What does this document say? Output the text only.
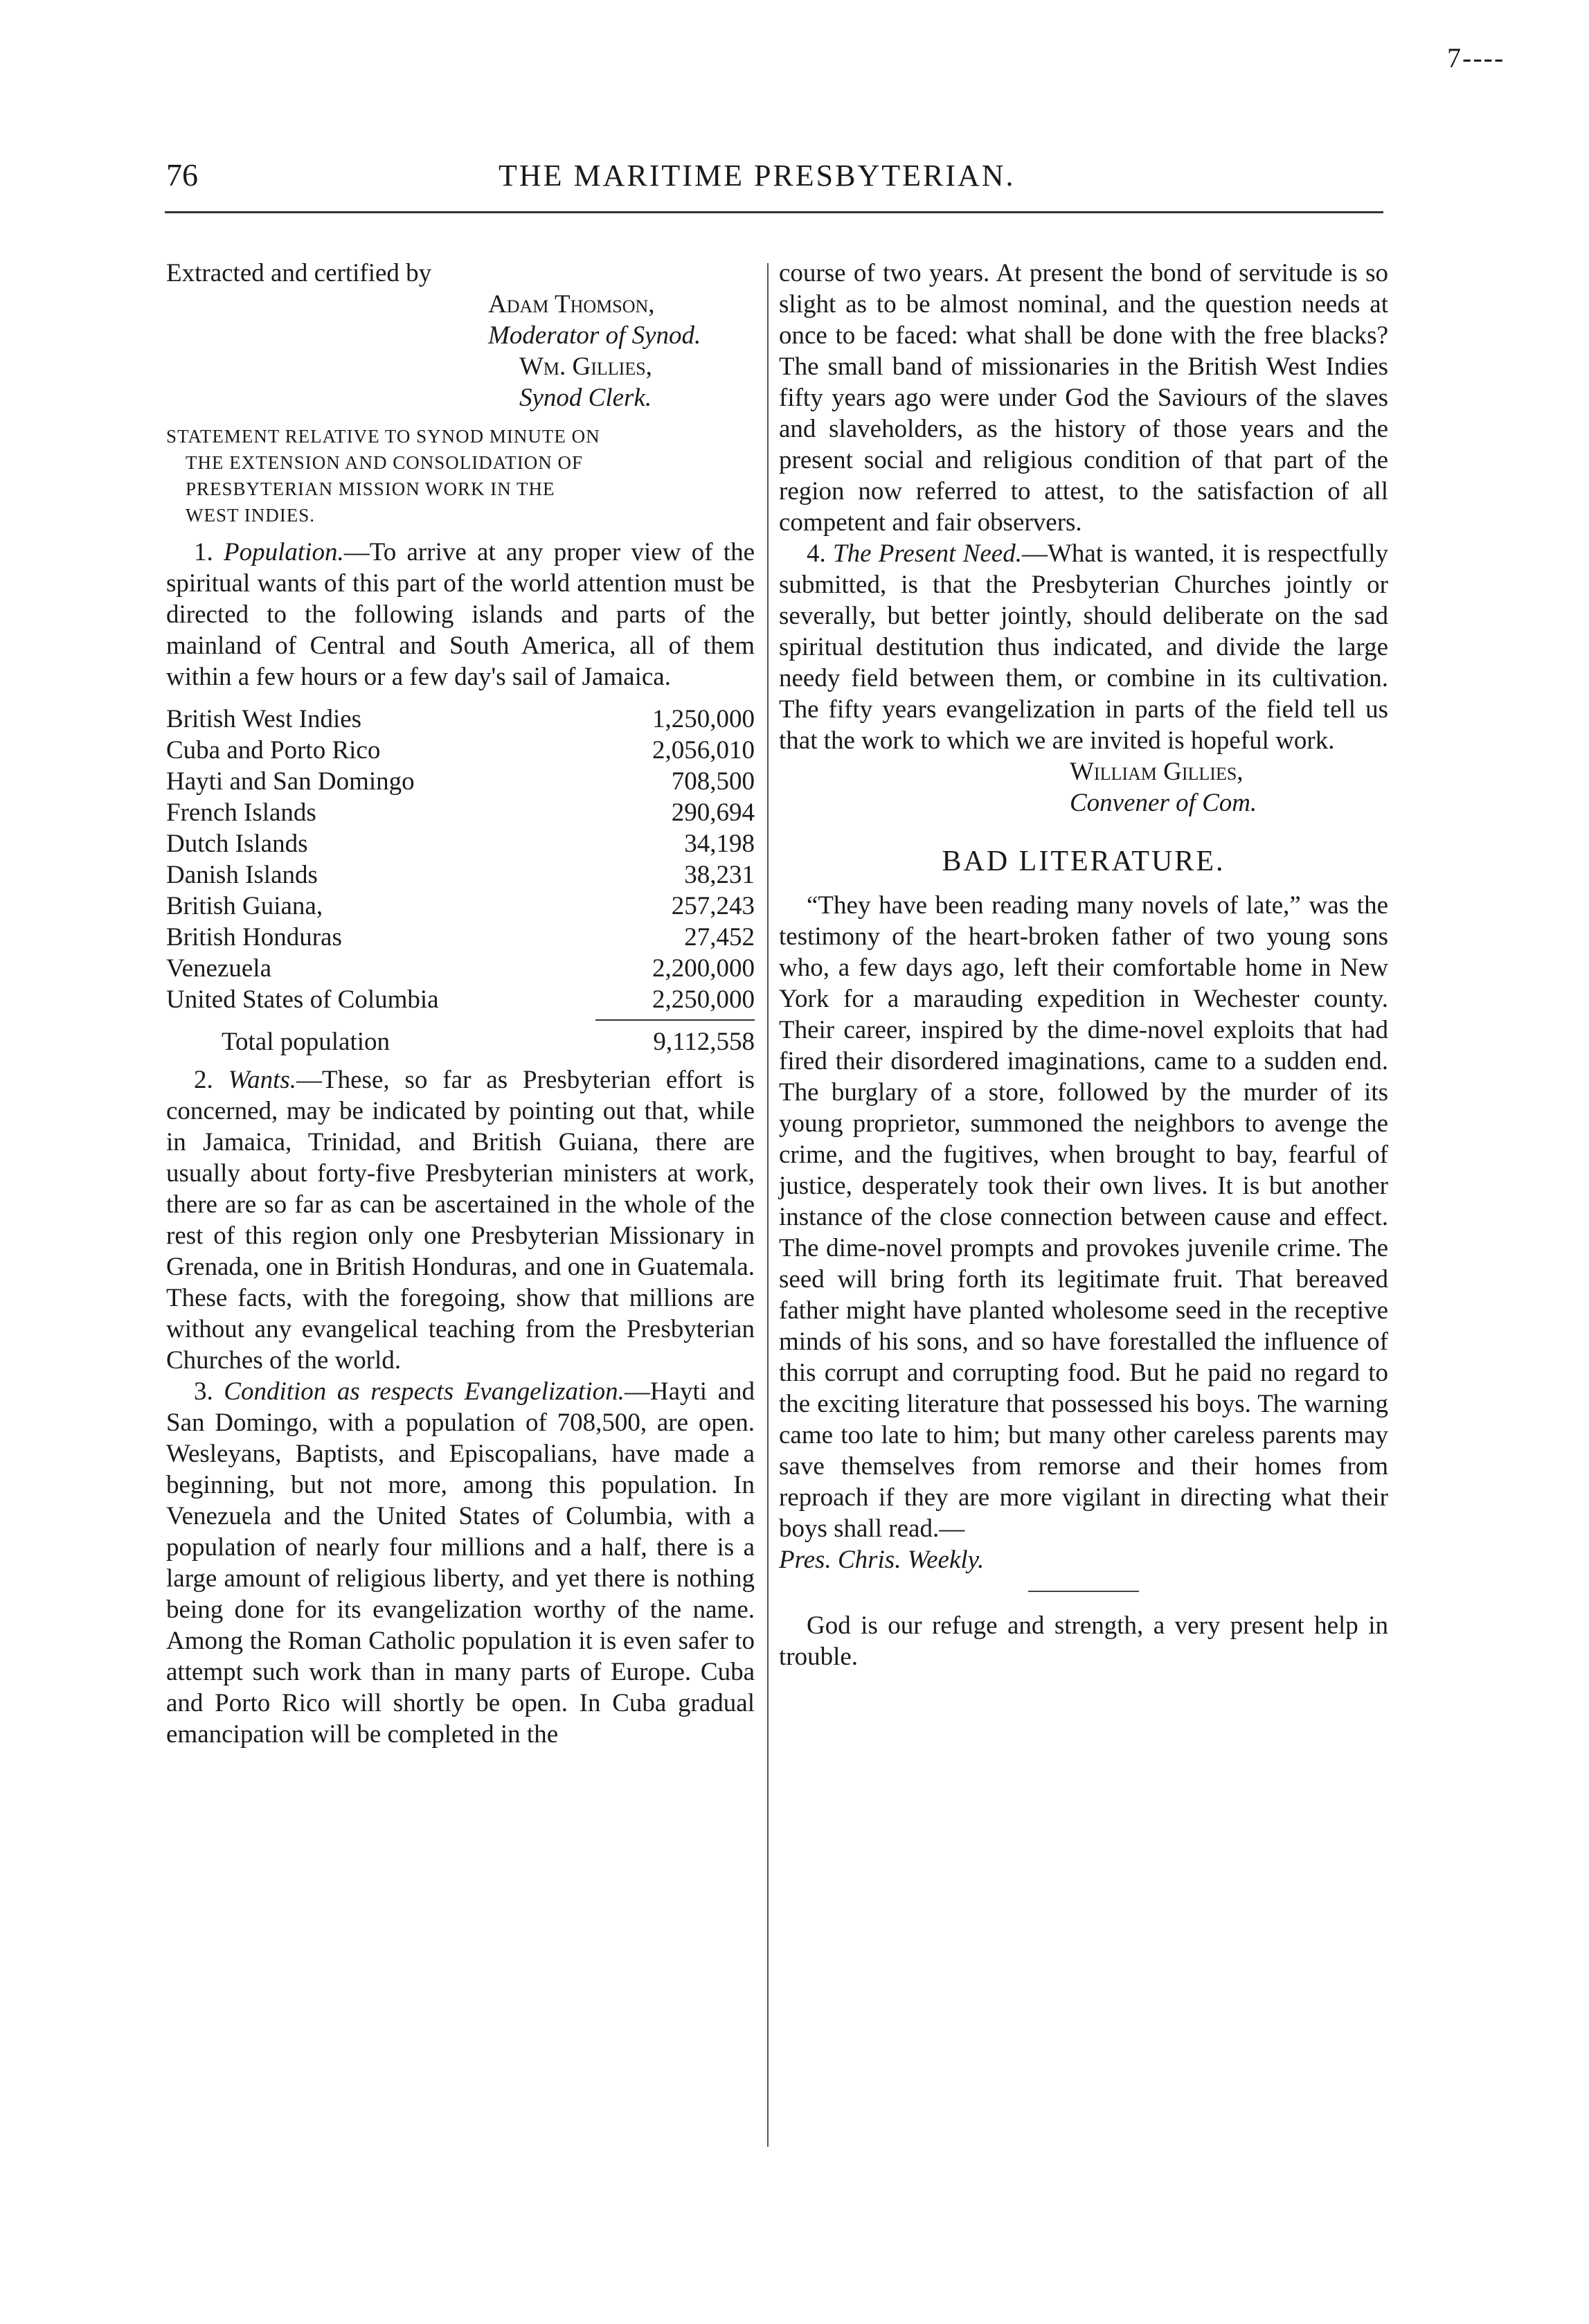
76	THE MARITIME PRESBYTERIAN.
7----

Extracted and certified by

Adam Thomson,

Moderator of Synod.

Wm. Gillies,

Synod Clerk.

STATEMENT RELATIVE TO SYNOD MINUTE ON
THE EXTENSION AND CONSOLIDATION OF
PRESBYTERIAN MISSION WORK IN THE
WEST INDIES.

1. Population.—To arrive at any proper view of the spiritual wants of this part of the world attention must be directed to the following islands and parts of the mainland of Central and South America, all of them within a few hours or a few day's sail of Jamaica.

British West Indies	1,250,000
Cuba and Porto Rico	2,056,010
Hayti and San Domingo	708,500
French Islands	290,694
Dutch Islands	34,198
Danish Islands	38,231
British Guiana,	257,243
British Honduras	27,452
Venezuela	2,200,000
United States of Columbia	2,250,000
Total population	9,112,558

2. Wants.—These, so far as Presbyterian effort is concerned, may be indicated by pointing out that, while in Jamaica, Trinidad, and British Guiana, there are usually about forty-five Presbyterian ministers at work, there are so far as can be ascertained in the whole of the rest of this region only one Presbyterian Missionary in Grenada, one in British Honduras, and one in Guatemala. These facts, with the foregoing, show that millions are without any evangelical teaching from the Presbyterian Churches of the world.

3. Condition as respects Evangelization.—Hayti and San Domingo, with a population of 708,500, are open. Wesleyans, Baptists, and Episcopalians, have made a beginning, but not more, among this population. In Venezuela and the United States of Columbia, with a population of nearly four millions and a half, there is a large amount of religious liberty, and yet there is nothing being done for its evangelization worthy of the name. Among the Roman Catholic population it is even safer to attempt such work than in many parts of Europe. Cuba and Porto Rico will shortly be open. In Cuba gradual emancipation will be completed in the

course of two years. At present the bond of servitude is so slight as to be almost nominal, and the question needs at once to be faced: what shall be done with the free blacks? The small band of missionaries in the British West Indies fifty years ago were under God the Saviours of the slaves and slaveholders, as the history of those years and the present social and religious condition of that part of the region now referred to attest, to the satisfaction of all competent and fair observers.

4. The Present Need.—What is wanted, it is respectfully submitted, is that the Presbyterian Churches jointly or severally, but better jointly, should deliberate on the sad spiritual destitution thus indicated, and divide the large needy field between them, or combine in its cultivation. The fifty years evangelization in parts of the field tell us that the work to which we are invited is hopeful work.

William Gillies,

Convener of Com.

BAD LITERATURE.

“They have been reading many novels of late,” was the testimony of the heart-broken father of two young sons who, a few days ago, left their comfortable home in New York for a marauding expedition in Wechester county. Their career, inspired by the dime-novel exploits that had fired their disordered imaginations, came to a sudden end. The burglary of a store, followed by the murder of its young proprietor, summoned the neighbors to avenge the crime, and the fugitives, when brought to bay, fearful of justice, desperately took their own lives. It is but another instance of the close connection between cause and effect. The dime-novel prompts and provokes juvenile crime. The seed will bring forth its legitimate fruit. That bereaved father might have planted wholesome seed in the receptive minds of his sons, and so have forestalled the influence of this corrupt and corrupting food. But he paid no regard to the exciting literature that possessed his boys. The warning came too late to him; but many other careless parents may save themselves from remorse and their homes from reproach if they are more vigilant in directing what their boys shall read.—

Pres. Chris. Weekly.

God is our refuge and strength, a very present help in trouble.
